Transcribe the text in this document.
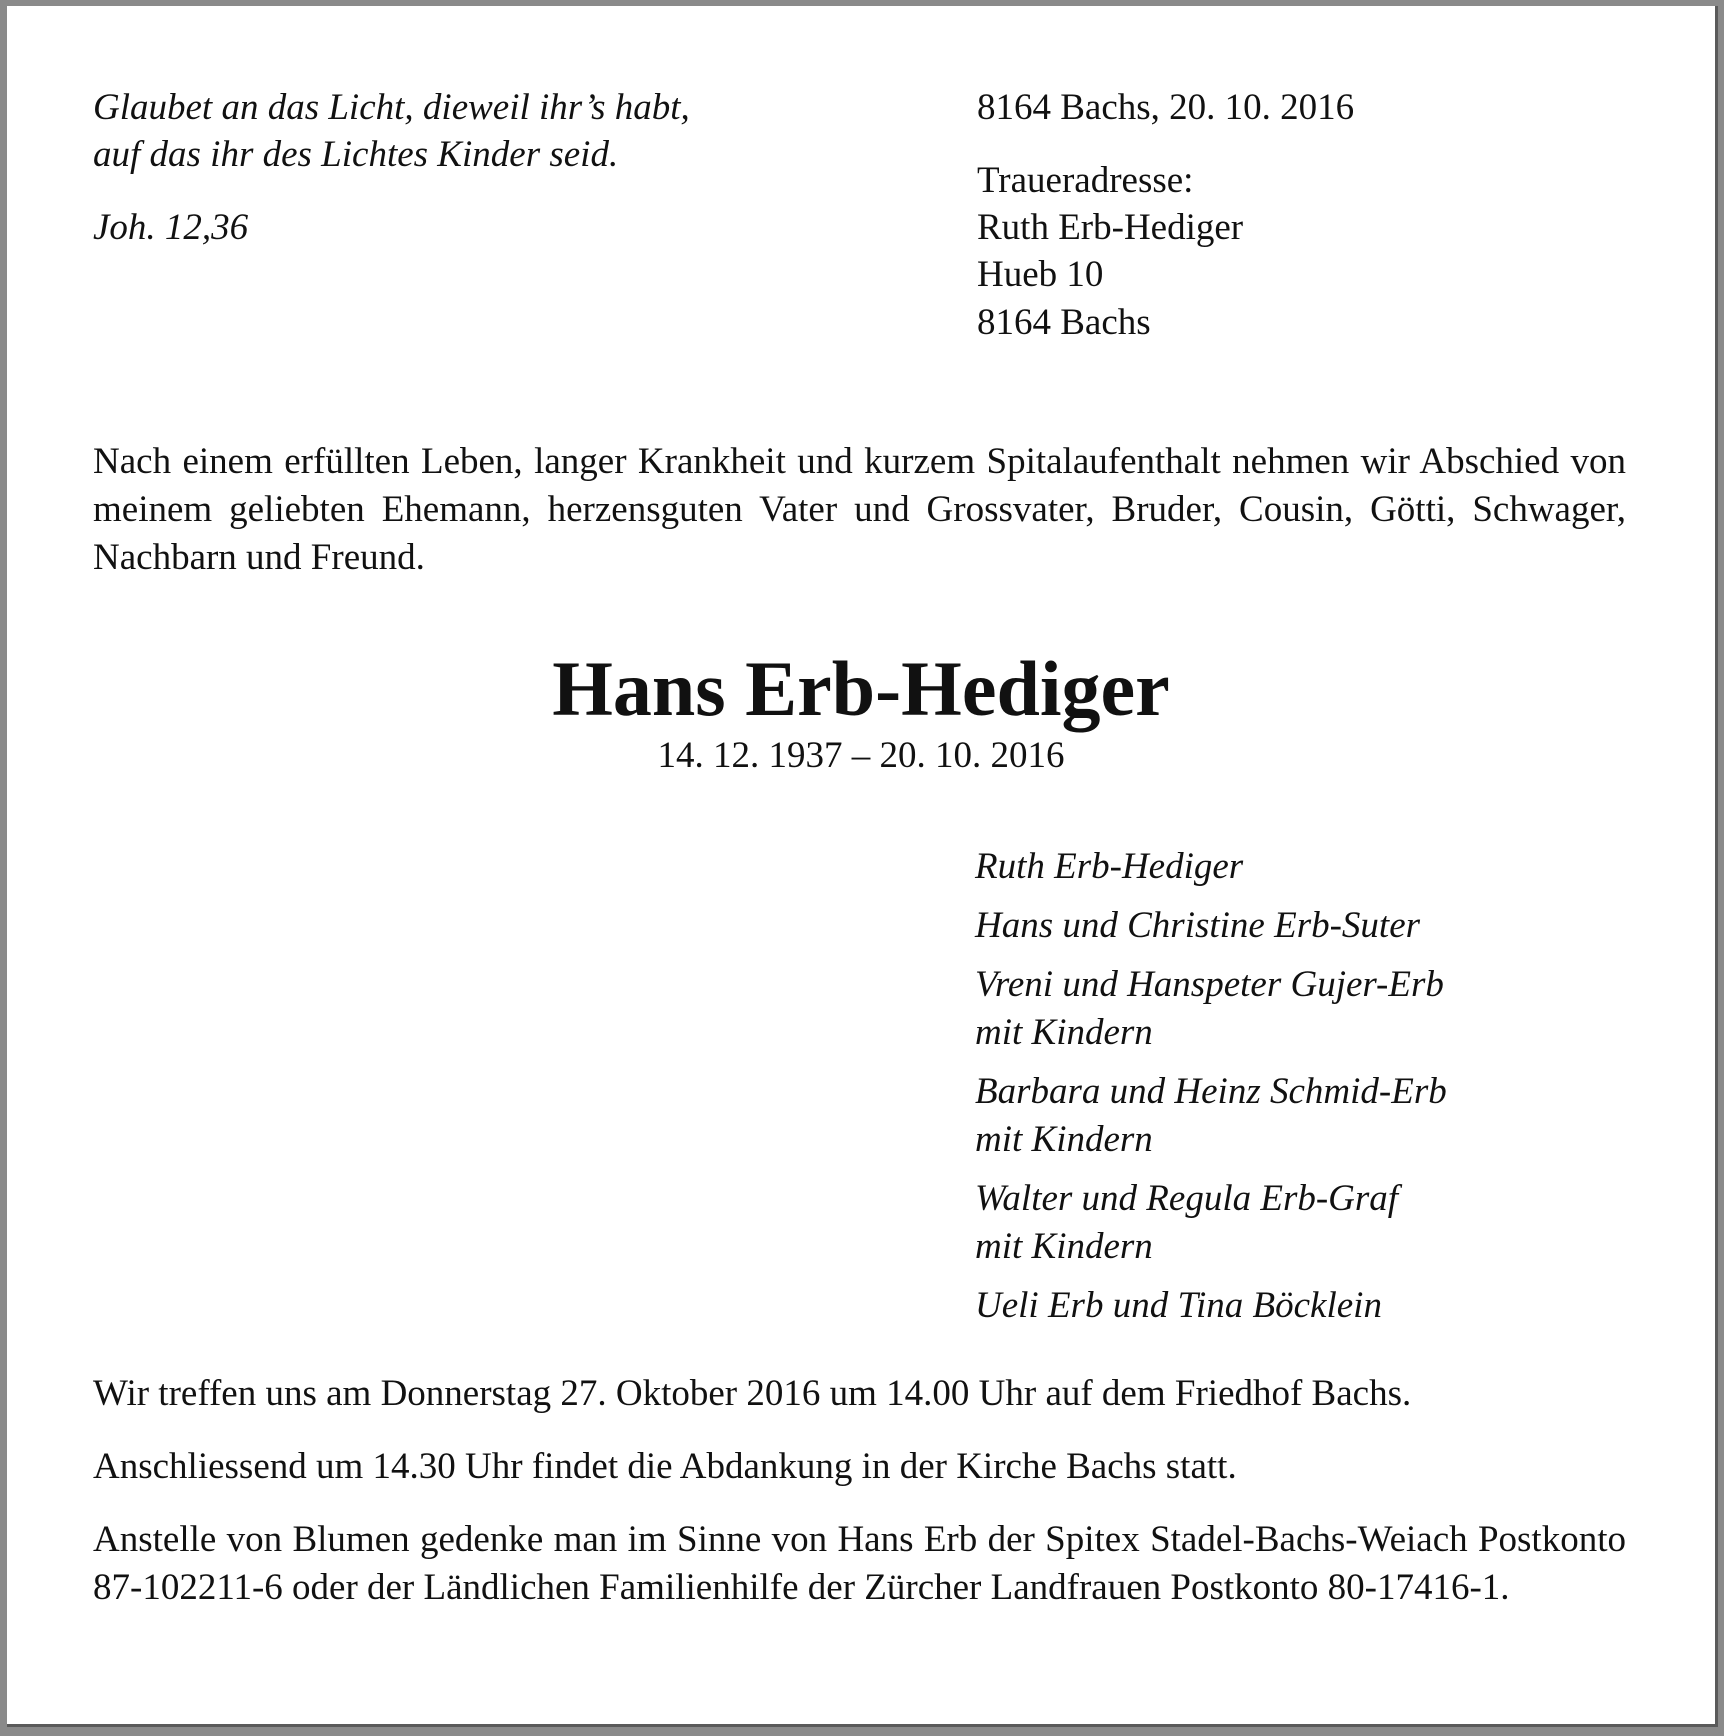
Glaubet an das Licht, dieweil ihr’s habt,
auf das ihr des Lichtes Kinder seid.
Joh. 12,36
8164 Bachs, 20. 10. 2016
Traueradresse:
Ruth Erb-Hediger
Hueb 10
8164 Bachs
Nach einem erfüllten Leben, langer Krankheit und kurzem Spitalaufenthalt nehmen wir Abschied von meinem geliebten Ehemann, herzensguten Vater und Grossvater, Bruder, Cousin, Götti, Schwager, Nachbarn und Freund.
Hans Erb-Hediger
14. 12. 1937 – 20. 10. 2016
Ruth Erb-Hediger
Hans und Christine Erb-Suter
Vreni und Hanspeter Gujer-Erb
mit Kindern
Barbara und Heinz Schmid-Erb
mit Kindern
Walter und Regula Erb-Graf
mit Kindern
Ueli Erb und Tina Böcklein
Wir treffen uns am Donnerstag 27. Oktober 2016 um 14.00 Uhr auf dem Friedhof Bachs.
Anschliessend um 14.30 Uhr findet die Abdankung in der Kirche Bachs statt.
Anstelle von Blumen gedenke man im Sinne von Hans Erb der Spitex Stadel-Bachs-Weiach Postkonto 87-102211-6 oder der Ländlichen Familienhilfe der Zürcher Landfrauen Postkonto 80-17416-1.
